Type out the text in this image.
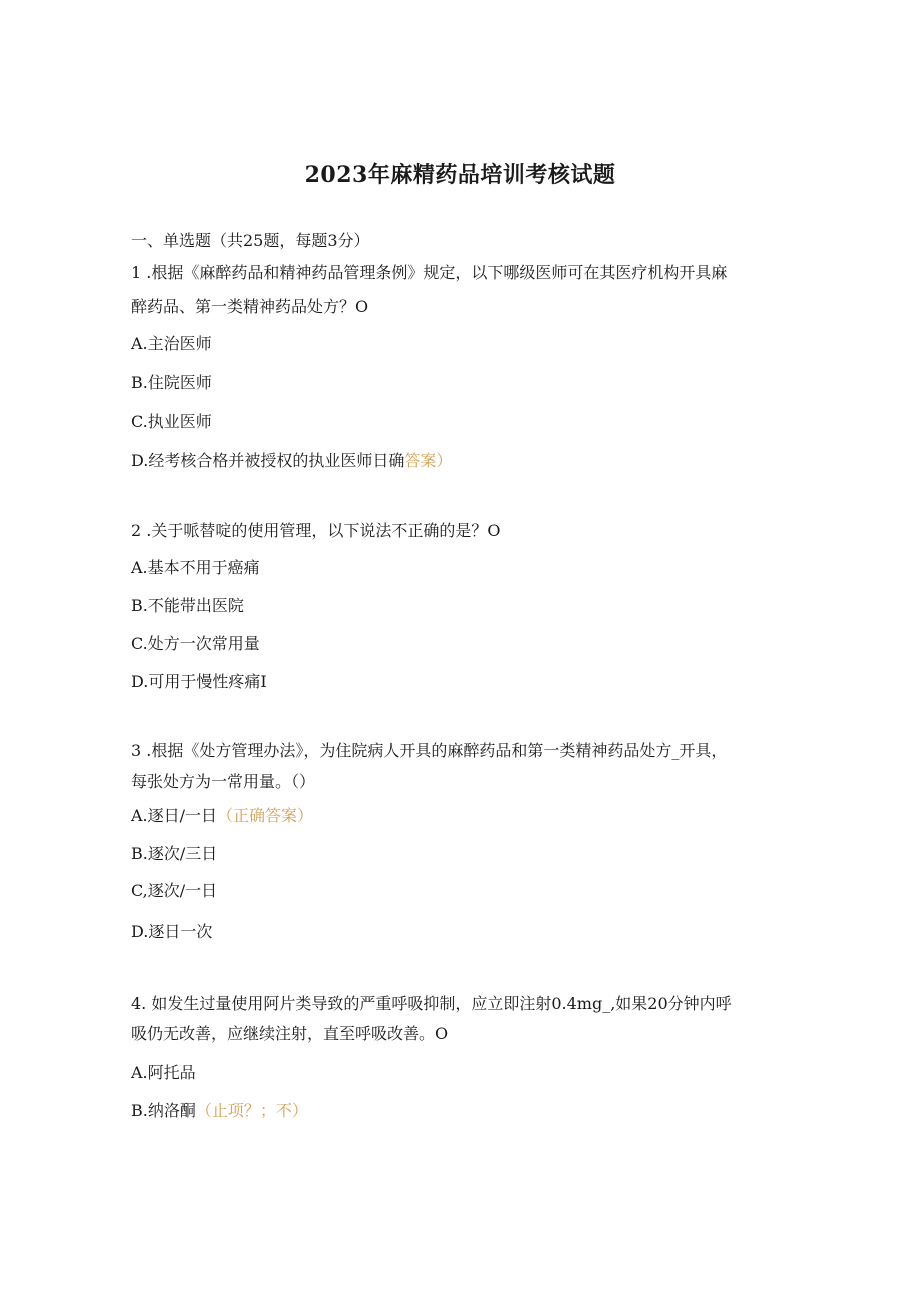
2023年麻精药品培训考核试题
一、单选题（共25题，每题3分）
1 .根据《麻醉药品和精神药品管理条例》规定，以下哪级医师可在其医疗机构开具麻
醉药品、第一类精神药品处方？O
A.主治医师
B.住院医师
C.执业医师
D.经考核合格并被授权的执业医师日确答案）
2 .关于哌替啶的使用管理，以下说法不正确的是？O
A.基本不用于癌痛
B.不能带出医院
C.处方一次常用量
D.可用于慢性疼痛I
3 .根据《处方管理办法》，为住院病人开具的麻醉药品和第一类精神药品处方_开具，
每张处方为一常用量。（）
A.逐日/一日（正确答案）
B.逐次/三日
C,逐次/一日
D.逐日一次
4. 如发生过量使用阿片类导致的严重呼吸抑制，应立即注射0.4mg_,如果20分钟内呼
吸仍无改善，应继续注射，直至呼吸改善。O
A.阿托品
B.纳洛酮（止项？；不）
